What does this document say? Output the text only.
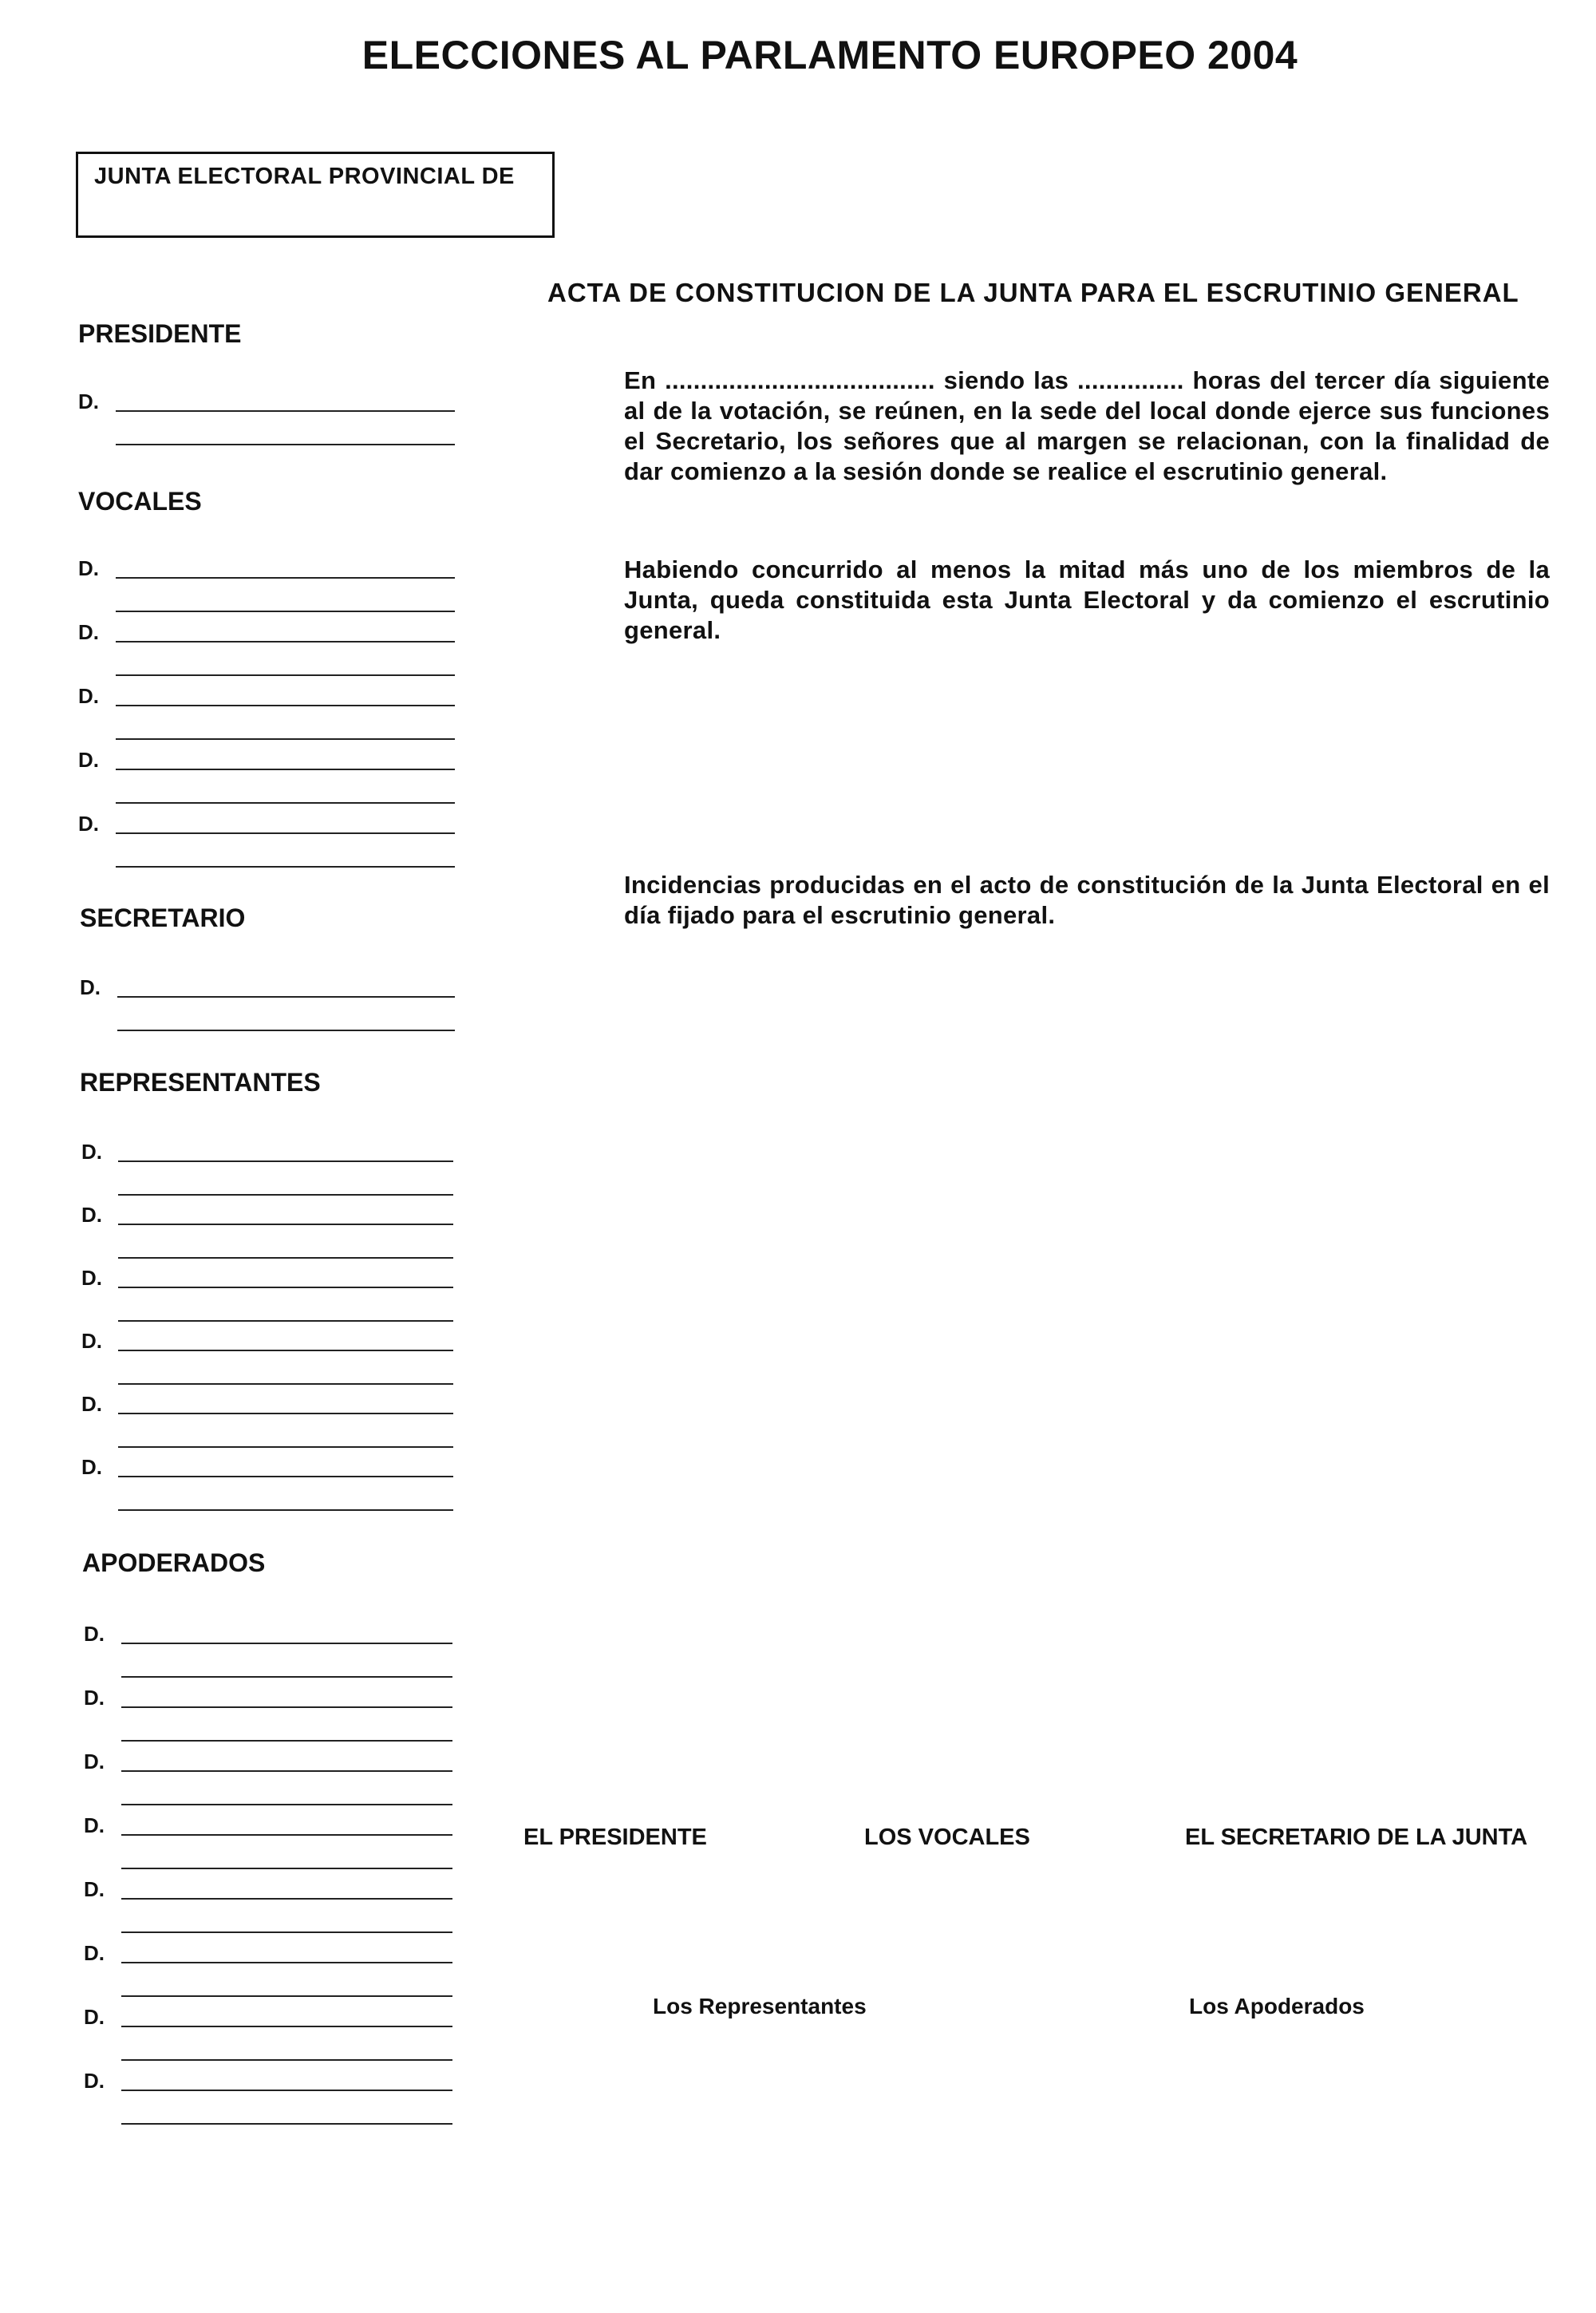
ELECCIONES AL PARLAMENTO EUROPEO 2004
JUNTA ELECTORAL PROVINCIAL DE
ACTA DE CONSTITUCION DE LA JUNTA PARA EL ESCRUTINIO GENERAL
PRESIDENTE
D.
VOCALES
D.
D.
D.
D.
D.
SECRETARIO
D.
REPRESENTANTES
D.
D.
D.
D.
D.
D.
APODERADOS
D.
D.
D.
D.
D.
D.
D.
D.
En ...................................... siendo las ............... horas del tercer día siguiente al de la votación, se reúnen, en la sede del local donde ejerce sus funciones el Secretario, los señores que al margen se relacionan, con la finalidad de dar comienzo a la sesión donde se realice el escrutinio general.
Habiendo concurrido al menos la mitad más uno de los miembros de la Junta, queda constituida esta Junta Electoral y da comienzo el escrutinio general.
Incidencias producidas en el acto de constitución de la Junta Electoral en el día fijado para el escrutinio general.
EL PRESIDENTE	LOS VOCALES	EL SECRETARIO DE LA JUNTA
Los Representantes	Los Apoderados
